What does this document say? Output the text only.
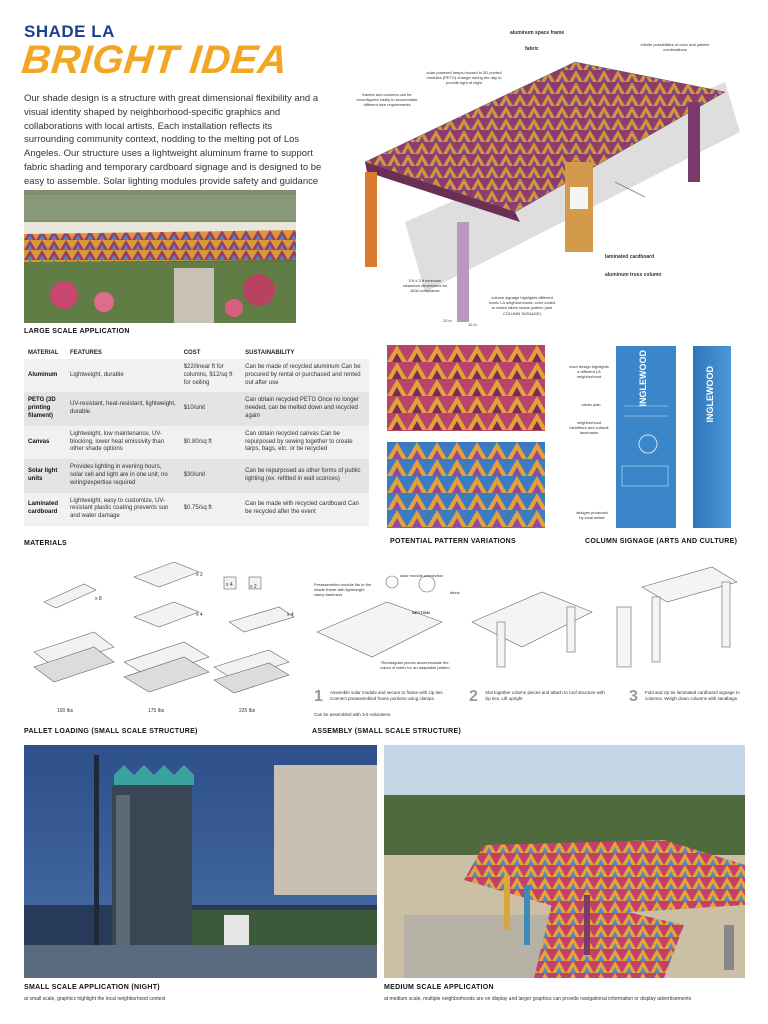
SHADE LA
BRIGHT IDEA

Our shade design is a structure with great dimensional flexibility and a visual identity shaped by neighborhood-specific graphics and collaborations with local artists. Each installation reflects its surrounding community context, nodding to the melting pot of Los Angeles. Our structure uses a lightweight aluminum frame to support fabric shading and temporary cardboard signage and is designed to be easy to assemble. Solar lighting modules provide safety and guidance

LARGE SCALE APPLICATION
aluminum space frame
fabric
infinite possibilities of color and pattern combinations
solar powered lamps housed in 3D printed modules (PETG) change during the day to provide light at night
frames and columns can be reconfigured easily to accomodate different size requirements
laminated cardboard
aluminum truss column
3 ft x 3 ft minimum clearance dimensions for ADA compliance
column signage highlights different iconic LA neighborhoods; color coded to match fabric shade pattern (see COLUMN SIGNAGE)
12 in
12 in
MATERIAL	FEATURES	COST	SUSTAINABILITY
Aluminum	Lightweight, durable	$22/linear ft for columns, $12/sq ft for ceiling	Can be made of recycled aluminum Can be procured by rental or purchased and rented out after use
PETG (3D printing filament)	UV-resistant, heat-resistant, lightweight, durable	$10/unit	Can obtain recycled PETG Once no longer needed, can be melted down and recycled again
Canvas	Lightweight, low maintenance, UV-blocking, lower heat emissivity than other shade options	$0.80/sq ft	Can obtain recycled canvas Can be repurposed by sewing together to create tarps, bags, etc. or be recycled
Solar light units	Provides lighting in evening hours, solar cell and light are in one unit; no wiring/expertise required	$30/unit	Can be repurposed as other forms of public lighting (ex. refitted in wall sconces)
Laminated cardboard	Lightweight, easy to customize, UV-resistant plastic coating prevents sun and water damage	$0.75/sq ft	Can be made with recycled cardboard Can be recycled after the event
MATERIALS	POTENTIAL PATTERN VARIATIONS
INGLEWOOD	INGLEWOOD
each design highlights a different LA neighborhood
urban plan
neighborhood identifiers and cultural landmarks
designs produced by local artists
COLUMN SIGNAGE (ARTS AND CULTURE)
x 8
x 2
x 4
x 4	x 2
x 4
100 lbs	175 lbs	225 lbs
PALLET LOADING (SMALL SCALE STRUCTURE)
solar module connection
Preassembled module fits to the shade frame with lightweight clamp fasteners	fabric
SECTION
Rectangular pieces accommodate the colors of fabric for an adaptable pattern
1 Assemble solar module and secure to frame with zip ties. Connect preassembled frame portions using clamps.	2 Slot together column pieces and attach to roof structure with zip ties. Lift upright	3 Fold and zip tie laminated cardboard signage to columns. Weigh down columns with sandbags.
Can be assembled with 3-5 volunteers
ASSEMBLY (SMALL SCALE STRUCTURE)
SMALL SCALE APPLICATION (NIGHT)
at small scale, graphics highlight the local neighborhood context
MEDIUM SCALE APPLICATION
at medium scale, multiple neighborhoods are on display and larger graphics can provide navigational information or display advertisements
